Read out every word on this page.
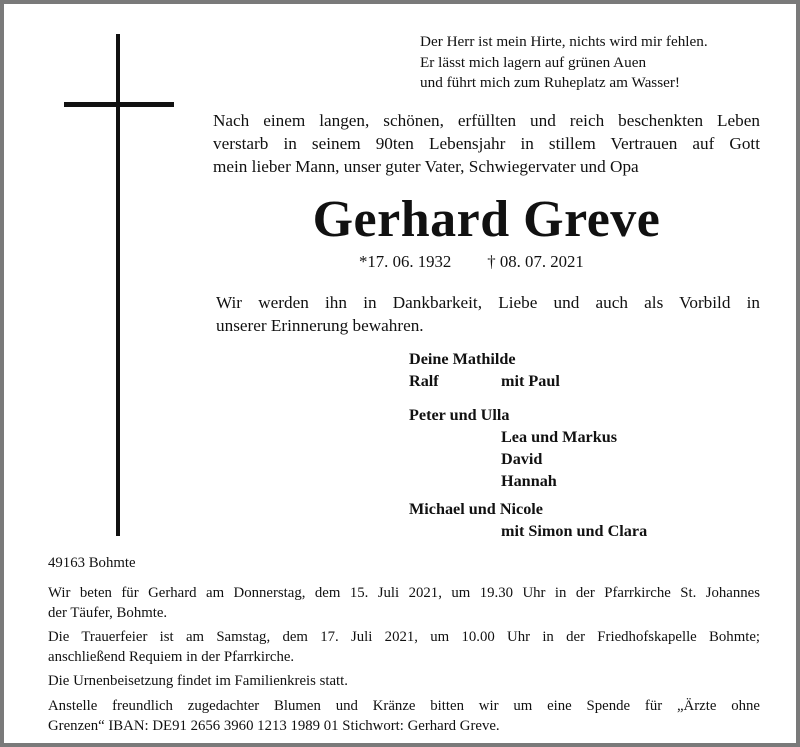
Der Herr ist mein Hirte, nichts wird mir fehlen.
Er lässt mich lagern auf grünen Auen
und führt mich zum Ruheplatz am Wasser!
Nach einem langen, schönen, erfüllten und reich beschenkten Leben
verstarb in seinem 90ten Lebensjahr in stillem Vertrauen auf Gott
mein lieber Mann, unser guter Vater, Schwiegervater und Opa
Gerhard Greve
*17. 06. 1932 † 08. 07. 2021
Wir werden ihn in Dankbarkeit, Liebe und auch als Vorbild in
unserer Erinnerung bewahren.
Deine Mathilde
Ralf	mit Paul
Peter und Ulla
Lea und Markus
David
Hannah
Michael und Nicole
mit Simon und Clara
49163 Bohmte
Wir beten für Gerhard am Donnerstag, dem 15. Juli 2021, um 19.30 Uhr in der Pfarrkirche St. Johannes
der Täufer, Bohmte.
Die Trauerfeier ist am Samstag, dem 17. Juli 2021, um 10.00 Uhr in der Friedhofskapelle Bohmte;
anschließend Requiem in der Pfarrkirche.
Die Urnenbeisetzung findet im Familienkreis statt.
Anstelle freundlich zugedachter Blumen und Kränze bitten wir um eine Spende für „Ärzte ohne
Grenzen“ IBAN: DE91 2656 3960 1213 1989 01 Stichwort: Gerhard Greve.
